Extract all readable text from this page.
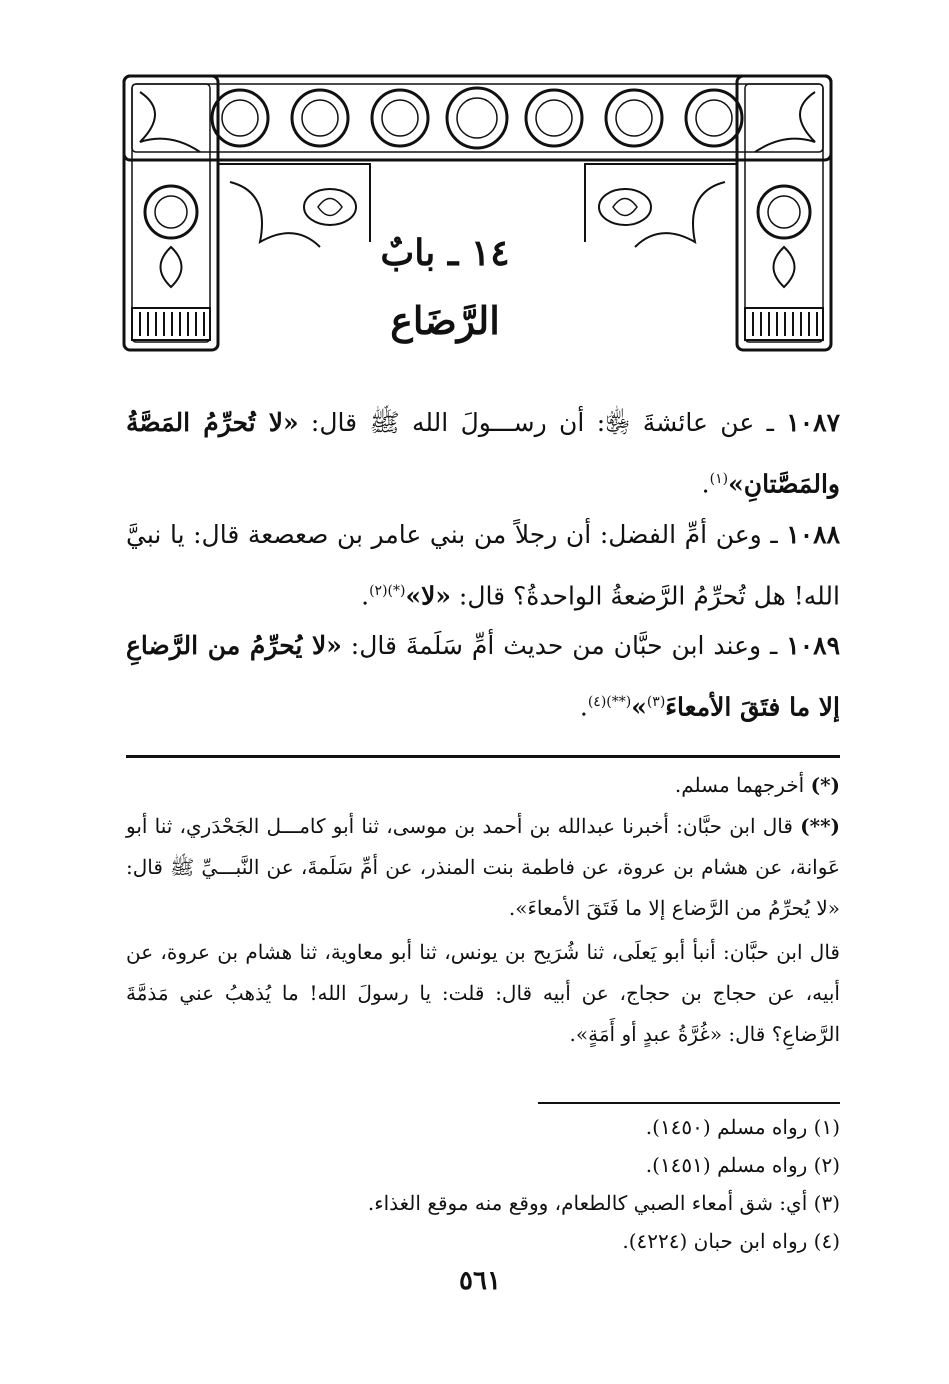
١٤ ـ بابٌ
الرَّضَاع
١٠٨٧ ـ عن عائشةَ ﵂: أن رســـولَ الله ﷺ قال: «لا تُحرِّمُ المَصَّةُ والمَصَّتانِ»$^{(١)}$.
١٠٨٨ ـ وعن أمِّ الفضل: أن رجلاً من بني عامر بن صعصعة قال: يا نبيَّ الله! هل تُحرِّمُ الرَّضعةُ الواحدةُ؟ قال: «لا»$^{(*)(٢)}$.
١٠٨٩ ـ وعند ابن حبَّان من حديث أمِّ سَلَمةَ قال: «لا يُحرِّمُ من الرَّضاعِ إلا ما فتَقَ الأمعاءَ$^{(٣)}$»$^{(**)(٤)}$.
(*) أخرجهما مسلم.
(**) قال ابن حبَّان: أخبرنا عبدالله بن أحمد بن موسى، ثنا أبو كامـــل الجَحْدَري، ثنا أبو عَوانة، عن هشام بن عروة، عن فاطمة بنت المنذر، عن أمِّ سَلَمةَ، عن النَّبـــيِّ ﷺ قال: «لا يُحرِّمُ من الرَّضاع إلا ما فَتَقَ الأمعاءَ».
قال ابن حبَّان: أنبأ أبو يَعلَى، ثنا شُرَيح بن يونس، ثنا أبو معاوية، ثنا هشام بن عروة، عن أبيه، عن حجاج بن حجاج، عن أبيه قال: قلت: يا رسولَ الله! ما يُذهبُ عني مَذمَّةَ الرَّضاعِ؟ قال: «غُرَّةُ عبدٍ أو أَمَةٍ».
(١) رواه مسلم (١٤٥٠).
(٢) رواه مسلم (١٤٥١).
(٣) أي: شق أمعاء الصبي كالطعام، ووقع منه موقع الغذاء.
(٤) رواه ابن حبان (٤٢٢٤).
٥٦١
